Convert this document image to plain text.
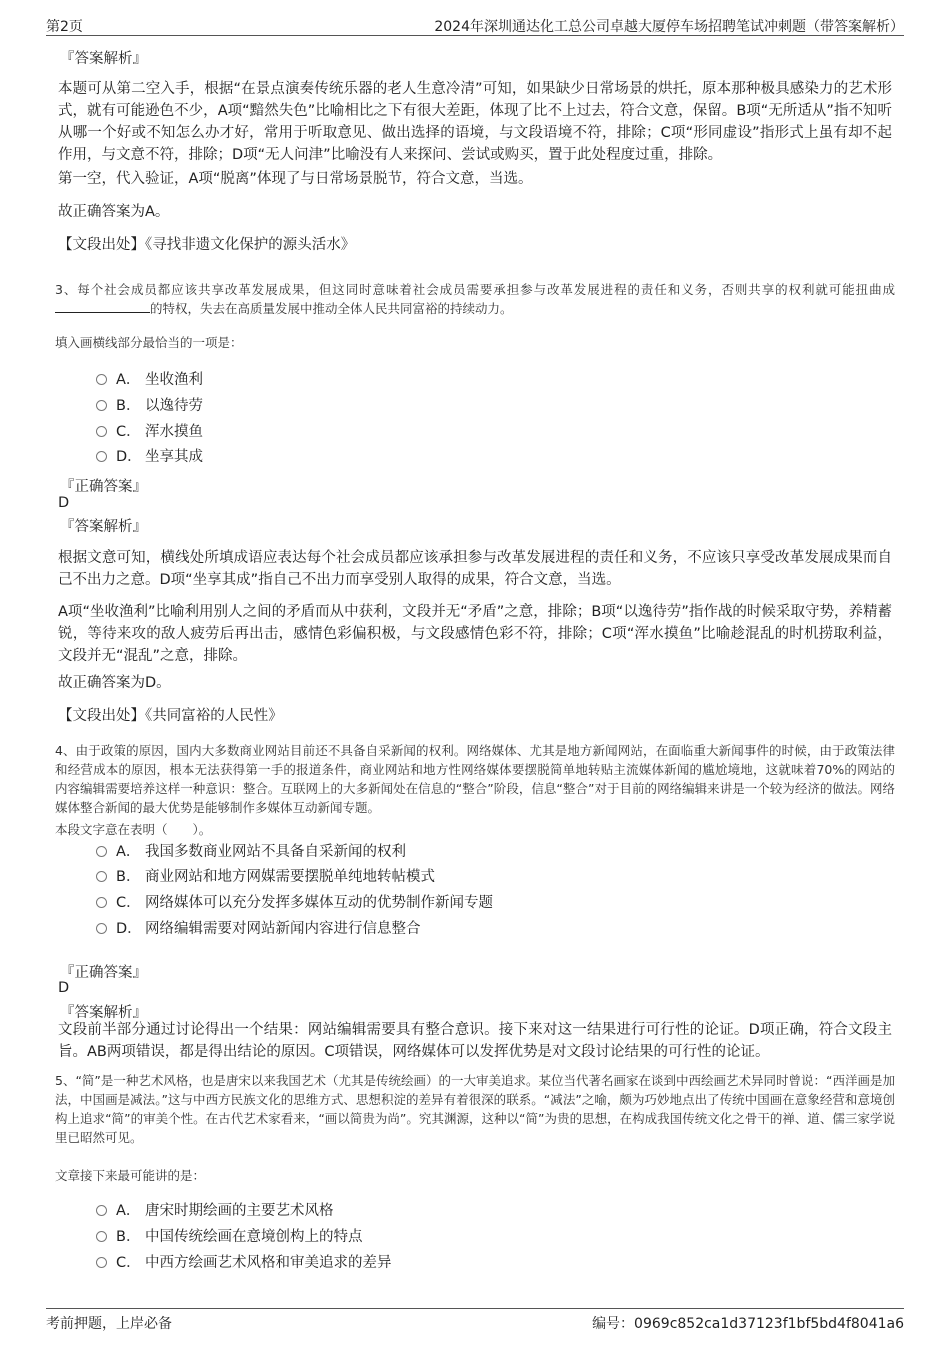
第2页	2024年深圳通达化工总公司卓越大厦停车场招聘笔试冲刺题（带答案解析）
『答案解析』

本题可从第二空入手，根据“在景点演奏传统乐器的老人生意冷清”可知，如果缺少日常场景的烘托，原本那种极具感染力的艺术形式，就有可能逊色不少，A项“黯然失色”比喻相比之下有很大差距，体现了比不上过去，符合文意，保留。B项“无所适从”指不知听从哪一个好或不知怎么办才好，常用于听取意见、做出选择的语境，与文段语境不符，排除；C项“形同虚设”指形式上虽有却不起作用，与文意不符，排除；D项“无人问津”比喻没有人来探问、尝试或购买，置于此处程度过重，排除。

第一空，代入验证，A项“脱离”体现了与日常场景脱节，符合文意，当选。

故正确答案为A。

【文段出处】《寻找非遗文化保护的源头活水》

3、每个社会成员都应该共享改革发展成果，但这同时意味着社会成员需要承担参与改革发展进程的责任和义务，否则共享的权利就可能扭曲成的特权，失去在高质量发展中推动全体人民共同富裕的持续动力。

填入画横线部分最恰当的一项是：

A． 坐收渔利
B． 以逸待劳
C． 浑水摸鱼
D． 坐享其成
『正确答案』
D
『答案解析』

根据文意可知，横线处所填成语应表达每个社会成员都应该承担参与改革发展进程的责任和义务，不应该只享受改革发展成果而自己不出力之意。D项“坐享其成”指自己不出力而享受别人取得的成果，符合文意，当选。

A项“坐收渔利”比喻利用别人之间的矛盾而从中获利，文段并无“矛盾”之意，排除；B项“以逸待劳”指作战的时候采取守势，养精蓄锐，等待来攻的敌人疲劳后再出击，感情色彩偏积极，与文段感情色彩不符，排除；C项“浑水摸鱼”比喻趁混乱的时机捞取利益，文段并无“混乱”之意，排除。

故正确答案为D。

【文段出处】《共同富裕的人民性》

4、由于政策的原因，国内大多数商业网站目前还不具备自采新闻的权利。网络媒体、尤其是地方新闻网站，在面临重大新闻事件的时候，由于政策法律和经营成本的原因，根本无法获得第一手的报道条件，商业网站和地方性网络媒体要摆脱简单地转贴主流媒体新闻的尴尬境地，这就味着70%的网站的内容编辑需要培养这样一种意识：整合。互联网上的大多新闻处在信息的“整合”阶段，信息“整合”对于目前的网络编辑来讲是一个较为经济的做法。网络媒体整合新闻的最大优势是能够制作多媒体互动新闻专题。

本段文字意在表明（　　）。

A． 我国多数商业网站不具备自采新闻的权利
B． 商业网站和地方网媒需要摆脱单纯地转帖模式
C． 网络媒体可以充分发挥多媒体互动的优势制作新闻专题
D． 网络编辑需要对网站新闻内容进行信息整合
『正确答案』
D
『答案解析』

文段前半部分通过讨论得出一个结果：网站编辑需要具有整合意识。接下来对这一结果进行可行性的论证。D项正确，符合文段主旨。AB两项错误，都是得出结论的原因。C项错误，网络媒体可以发挥优势是对文段讨论结果的可行性的论证。

5、“简”是一种艺术风格，也是唐宋以来我国艺术（尤其是传统绘画）的一大审美追求。某位当代著名画家在谈到中西绘画艺术异同时曾说：“西洋画是加法，中国画是减法。”这与中西方民族文化的思维方式、思想积淀的差异有着很深的联系。“减法”之喻，颇为巧妙地点出了传统中国画在意象经营和意境创构上追求“简”的审美个性。在古代艺术家看来，“画以简贵为尚”。究其渊源，这种以“简”为贵的思想，在构成我国传统文化之骨干的禅、道、儒三家学说里已昭然可见。

文章接下来最可能讲的是：

A． 唐宋时期绘画的主要艺术风格
B． 中国传统绘画在意境创构上的特点
C． 中西方绘画艺术风格和审美追求的差异
考前押题，上岸必备	编号：0969c852ca1d37123f1bf5bd4f8041a6
